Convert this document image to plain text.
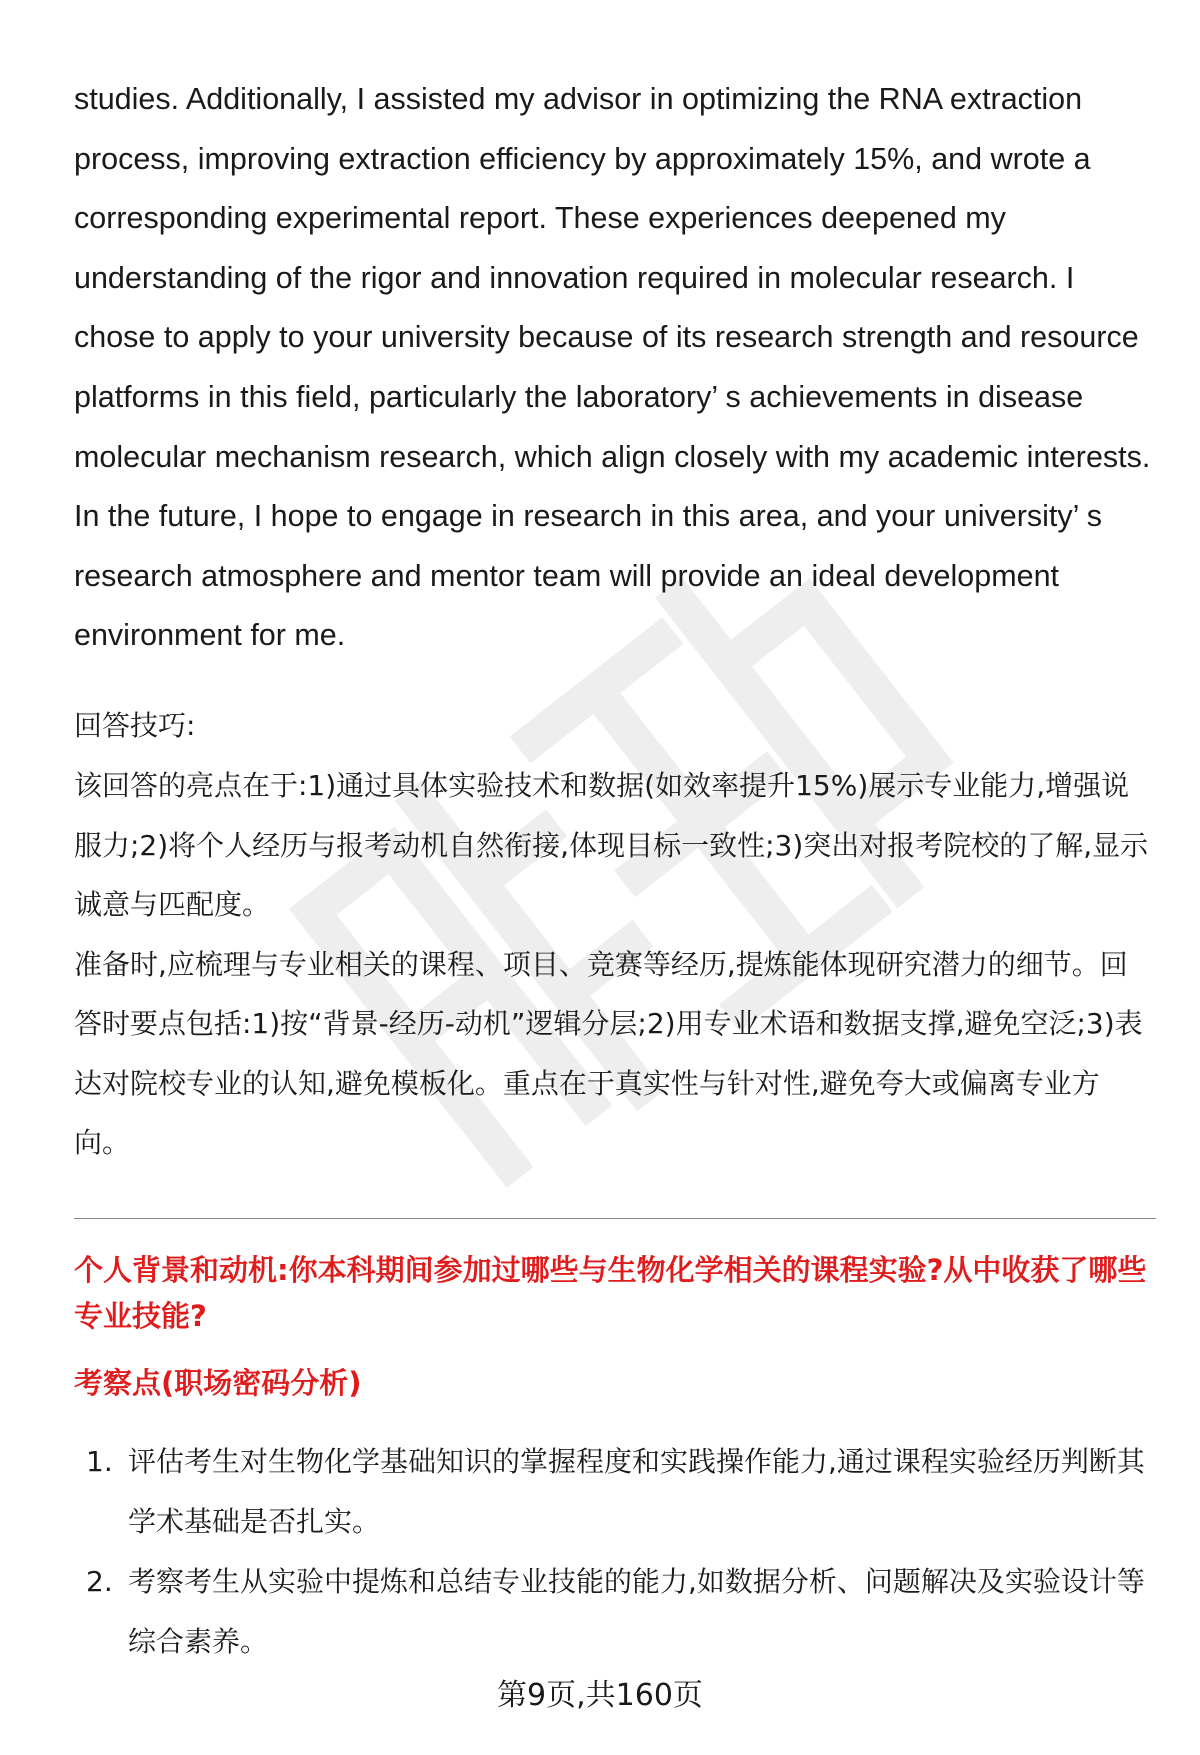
studies. Additionally, I assisted my advisor in optimizing the RNA extraction process, improving extraction efficiency by approximately 15%, and wrote a corresponding experimental report. These experiences deepened my understanding of the rigor and innovation required in molecular research. I chose to apply to your university because of its research strength and resource platforms in this field, particularly the laboratory’ s achievements in disease molecular mechanism research, which align closely with my academic interests. In the future, I hope to engage in research in this area, and your university’ s research atmosphere and mentor team will provide an ideal development environment for me.

回答技巧:

该回答的亮点在于:1)通过具体实验技术和数据(如效率提升15%)展示专业能力,增强说服力;2)将个人经历与报考动机自然衔接,体现目标一致性;3)突出对报考院校的了解,显示诚意与匹配度。

准备时,应梳理与专业相关的课程、项目、竞赛等经历,提炼能体现研究潜力的细节。回答时要点包括:1)按“背景-经历-动机”逻辑分层;2)用专业术语和数据支撑,避免空泛;3)表达对院校专业的认知,避免模板化。重点在于真实性与针对性,避免夸大或偏离专业方向。

个人背景和动机:你本科期间参加过哪些与生物化学相关的课程实验?从中收获了哪些专业技能?

考察点(职场密码分析)

1. 评估考生对生物化学基础知识的掌握程度和实践操作能力,通过课程实验经历判断其学术基础是否扎实。
2. 考察考生从实验中提炼和总结专业技能的能力,如数据分析、问题解决及实验设计等综合素养。

第9页,共160页
